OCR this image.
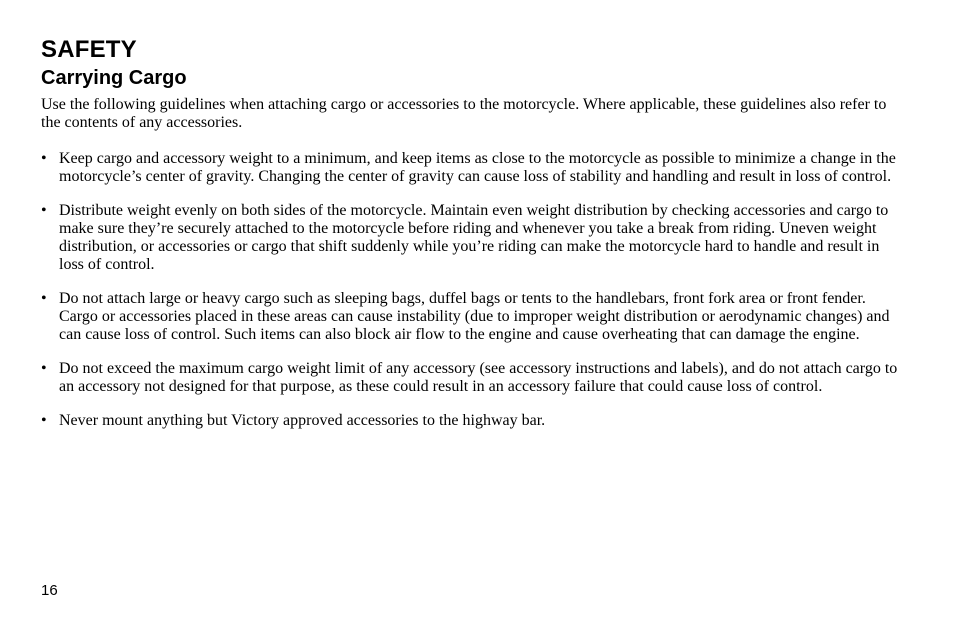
SAFETY
Carrying Cargo

Use the following guidelines when attaching cargo or accessories to the motorcycle. Where applicable, these guidelines also refer to the contents of any accessories.

• Keep cargo and accessory weight to a minimum, and keep items as close to the motorcycle as possible to minimize a change in the motorcycle’s center of gravity. Changing the center of gravity can cause loss of stability and handling and result in loss of control.
• Distribute weight evenly on both sides of the motorcycle. Maintain even weight distribution by checking accessories and cargo to make sure they’re securely attached to the motorcycle before riding and whenever you take a break from riding. Uneven weight distribution, or accessories or cargo that shift suddenly while you’re riding can make the motorcycle hard to handle and result in loss of control.
• Do not attach large or heavy cargo such as sleeping bags, duffel bags or tents to the handlebars, front fork area or front fender. Cargo or accessories placed in these areas can cause instability (due to improper weight distribution or aerodynamic changes) and can cause loss of control. Such items can also block air flow to the engine and cause overheating that can damage the engine.
• Do not exceed the maximum cargo weight limit of any accessory (see accessory instructions and labels), and do not attach cargo to an accessory not designed for that purpose, as these could result in an accessory failure that could cause loss of control.
• Never mount anything but Victory approved accessories to the highway bar.
16
